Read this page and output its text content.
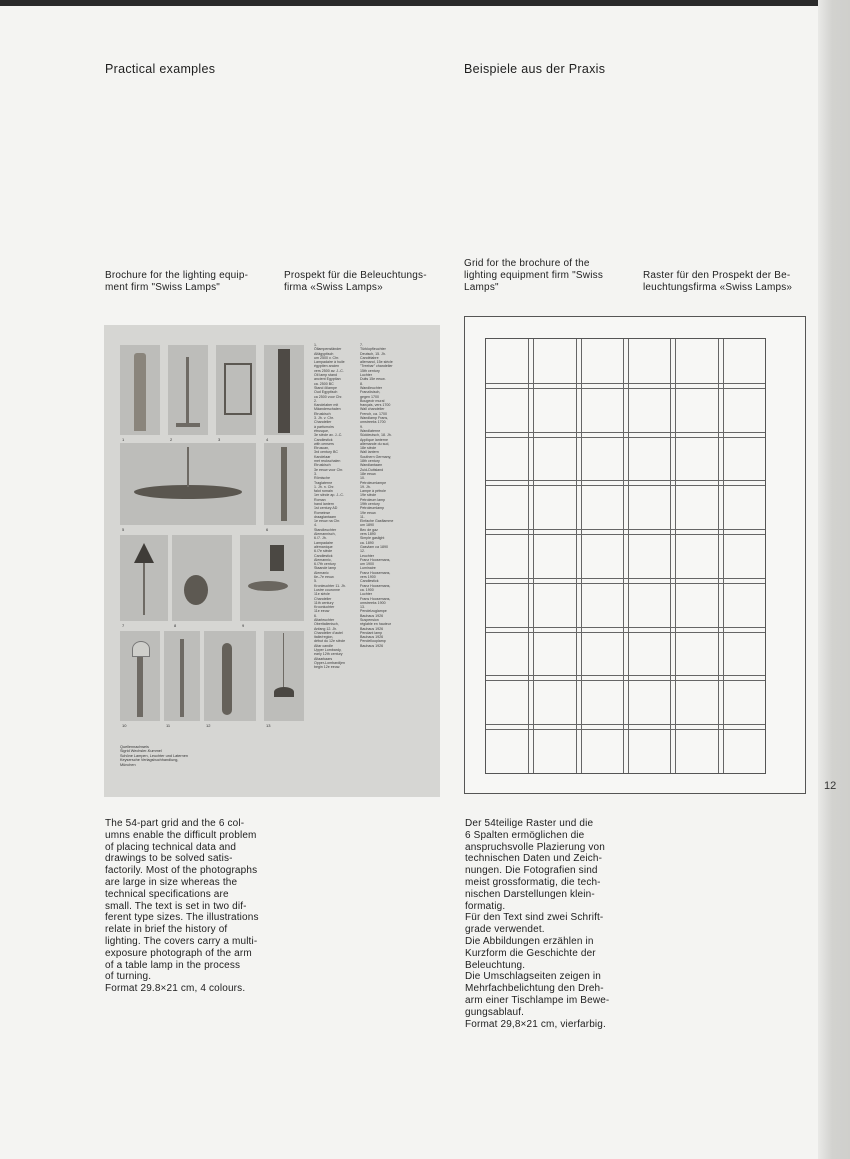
Practical examples	Beispiele aus der Praxis
Brochure for the lighting equip-
ment firm "Swiss Lamps"
Prospekt für die Beleuchtungs-
firma «Swiss Lamps»
Grid for the brochure of the
lighting equipment firm "Swiss
Lamps"
Raster für den Prospekt der Be-
leuchtungsfirma «Swiss Lamps»
1	2	3	4
5	6
7	8	9
10	11	12	13
Quellennachweis
Sigrid Wechsler-Kummel
Schöne Lampen, Leuchter und Laternen
Keysersche Verlagsbuchhandlung,
München
1.
Öllampenständer
Altägyptisch
um 2500 v. Chr.
Lampadaire à huile
égyptien ancien
vers 2500 av. J.-C.
Oil lamp stand
ancient Egyptian
ca. 2500 BC
Stand öllampe
Oud Egyptisch
ca 2500 voor Chr.
2.
Kandelaber mit
Mäanderschalen
Etruskisch
3. Jh. v. Chr.
Chandelier
à parfumoirs
étrusque,
3e siècle av. J.-C.
Candlestick
with censers
Etruscan,
3rd century BC
Kandelaar
met reukschalen
Etruskisch
3e eeuw voor Chr.
3.
Römische
Traglaterne
1. Jh. n. Chr.
falot romain
1er siècle ap. J.-C.
Roman
hand lantern
1st century AD
Romeinse
draaglantaarn
1e eeuw na Chr.
4.
Standleuchter
Alemannisch,
6./7. Jh.
Lampadaire
alémanique
6./7e siècle
Candlestick
Alemannic,
6./7th century
Staande lamp
Alemanic
6e–7e eeuw.
5.
Kronleuchter 11. Jh.
Lustre couronne
11e siècle
Chandelier
11th century
Kroonluchter
11e eeuw
6.
Altarleuchter
Oberitalienisch,
Anfang 12. Jh.
Chandelier d'autel
italie/region,
début du 12e siècle
Altar candle
Upper Lombardy,
early 12th century
Altaarkaars
Opper-Lombardijen
begin 12e eeuw.
7.
Türklopfleuchter
Deutsch, 15. Jh.
Candélabre
allemand, 15e siècle
"Treebar" chandelier
15th century
Luchter
Duits 15e eeuw.
8.
Wandleuchter
Französisch,
gegen 1700
Bougeoir mural
français, vers 1700
Wall chandelier
French, ca. 1700
Wandlamp Frans,
omstreeks 1700
9.
Wandlaterne
Süddeutsch, 18. Jh.
Applique lanterne
allemande du sud,
18e siècle
Wall lantern
Southern Germany,
18th century
Wandlantaarn
Zuid-Duitsland
18e eeuw.
10.
Petroleumlampe
19. Jh.
Lampe à pétrole
19e siècle
Petroleum lamp
19th century
Petroleumlamp
19e eeuw.
11.
Einfache Gasflamme
um 1890
Bec de gaz
vers 1890
Simple gaslight
ca. 1890
Gasvlam ca 1890
12.
Leuchter
Franz Hoosemans,
um 1900
Luminaire
Franz Hoosemans,
vers 1900
Candlestick
Franz Hoosemans,
ca. 1900
Luchter
Frans Hoosemans,
omstreeks 1900
13.
Pendelzuglampe
Bauhaus 1926
Suspension
réglable en hauteur
Bauhaus 1926
Pendant lamp
Bauhaus 1926
Pendellooplamp
Bauhaus 1926
The 54-part grid and the 6 col-
umns enable the difficult problem
of placing technical data and
drawings to be solved satis-
factorily. Most of the photographs
are large in size whereas the
technical specifications are
small. The text is set in two dif-
ferent type sizes. The illustrations
relate in brief the history of
lighting. The covers carry a multi-
exposure photograph of the arm
of a table lamp in the process
of turning.
Format 29.8×21 cm, 4 colours.
Der 54teilige Raster und die
6 Spalten ermöglichen die
anspruchsvolle Plazierung von
technischen Daten und Zeich-
nungen. Die Fotografien sind
meist grossformatig, die tech-
nischen Darstellungen klein-
formatig.
Für den Text sind zwei Schrift-
grade verwendet.
Die Abbildungen erzählen in
Kurzform die Geschichte der
Beleuchtung.
Die Umschlagseiten zeigen in
Mehrfachbelichtung den Dreh-
arm einer Tischlampe im Bewe-
gungsablauf.
Format 29,8×21 cm, vierfarbig.
12
